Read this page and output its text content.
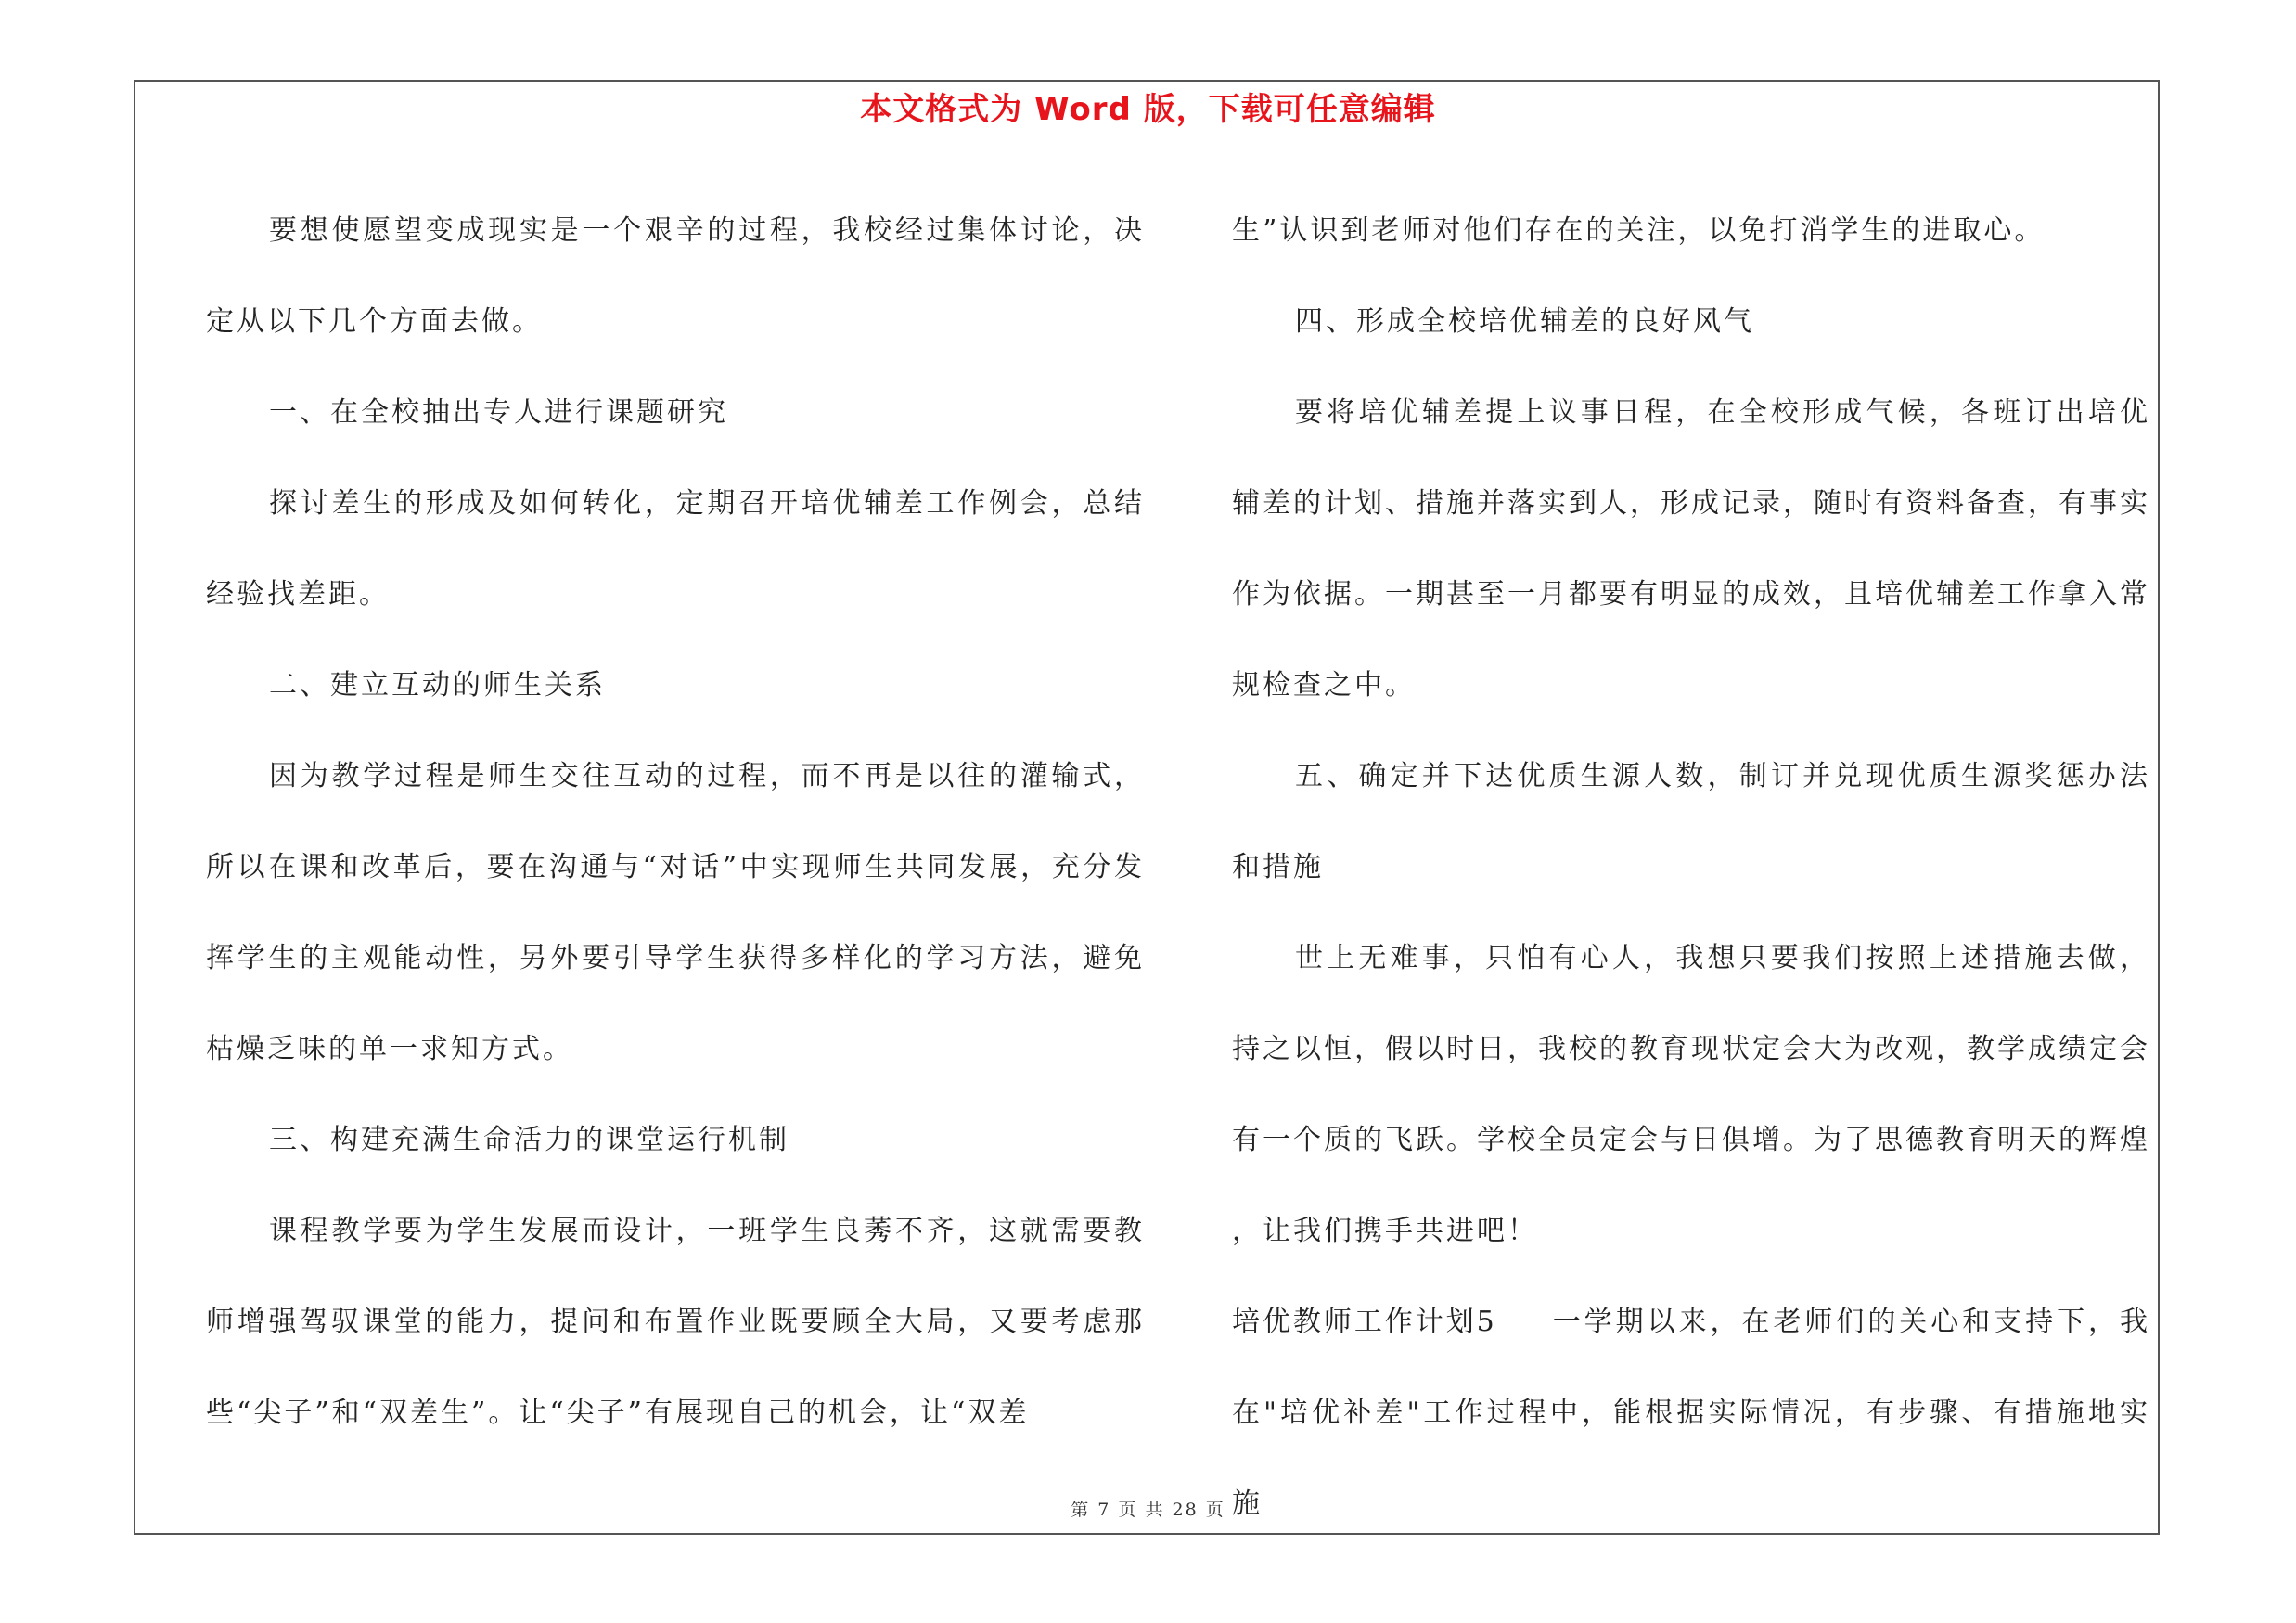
本文格式为 Word 版，下载可任意编辑

要想使愿望变成现实是一个艰辛的过程，我校经过集体讨论，决定从以下几个方面去做。

一、在全校抽出专人进行课题研究

探讨差生的形成及如何转化，定期召开培优辅差工作例会，总结经验找差距。

二、建立互动的师生关系

因为教学过程是师生交往互动的过程，而不再是以往的灌输式，所以在课和改革后，要在沟通与“对话”中实现师生共同发展，充分发挥学生的主观能动性，另外要引导学生获得多样化的学习方法，避免枯燥乏味的单一求知方式。

三、构建充满生命活力的课堂运行机制

课程教学要为学生发展而设计，一班学生良莠不齐，这就需要教师增强驾驭课堂的能力，提问和布置作业既要顾全大局，又要考虑那些“尖子”和“双差生”。让“尖子”有展现自己的机会，让“双差

生”认识到老师对他们存在的关注，以免打消学生的进取心。

四、形成全校培优辅差的良好风气

要将培优辅差提上议事日程，在全校形成气候，各班订出培优辅差的计划、措施并落实到人，形成记录，随时有资料备查，有事实作为依据。一期甚至一月都要有明显的成效，且培优辅差工作拿入常规检查之中。

五、确定并下达优质生源人数，制订并兑现优质生源奖惩办法和措施

世上无难事，只怕有心人，我想只要我们按照上述措施去做，持之以恒，假以时日，我校的教育现状定会大为改观，教学成绩定会有一个质的飞跃。学校全员定会与日俱增。为了思德教育明天的辉煌，让我们携手共进吧！

培优教师工作计划5 一学期以来，在老师们的关心和支持下，我在"培优补差"工作过程中，能根据实际情况，有步骤、有措施地实施

第 7 页 共 28 页
